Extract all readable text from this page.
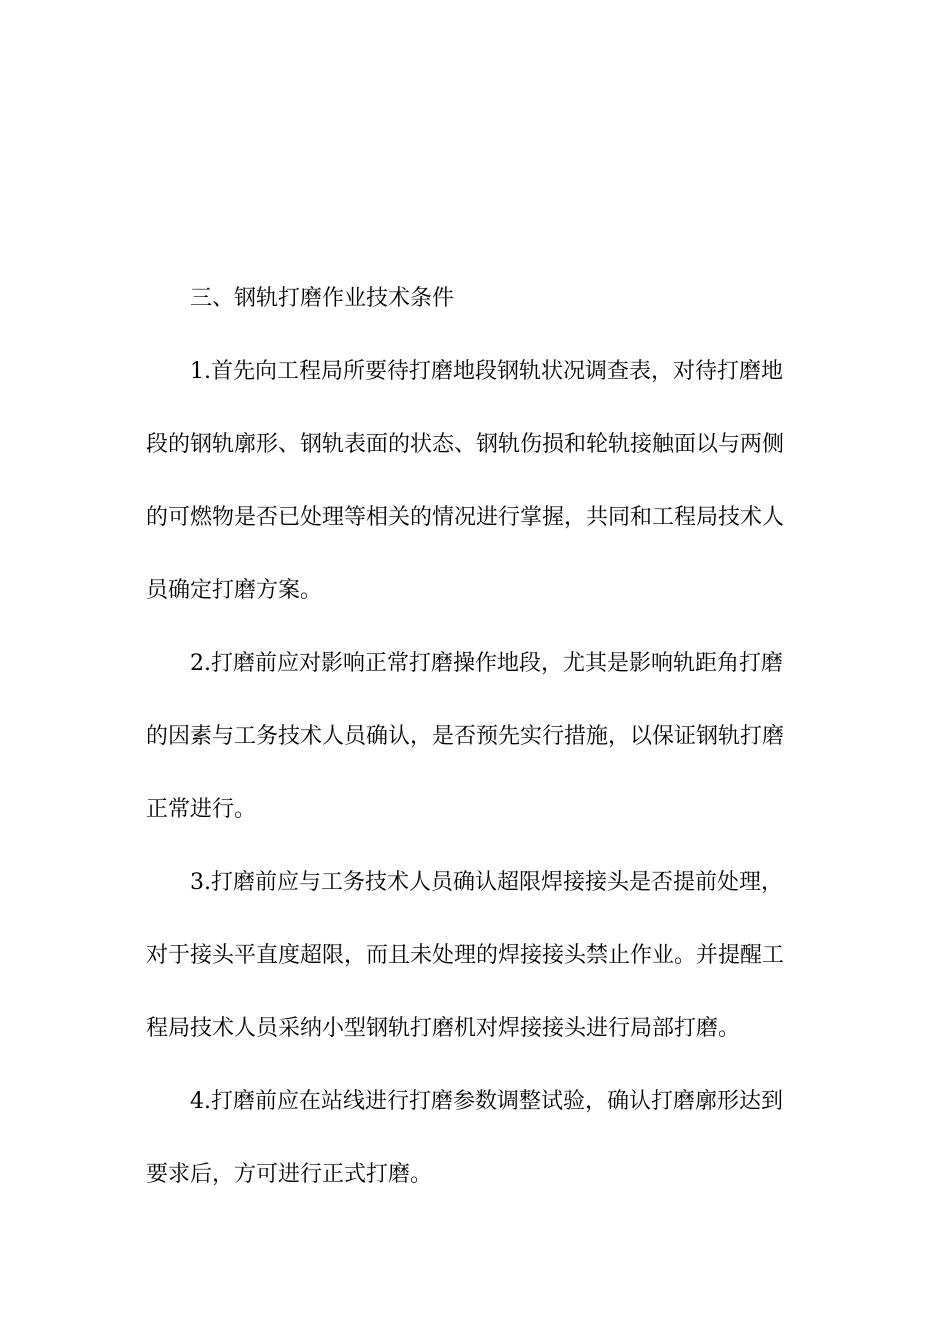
三、钢轨打磨作业技术条件
1.首先向工程局所要待打磨地段钢轨状况调查表，对待打磨地
段的钢轨廓形、钢轨表面的状态、钢轨伤损和轮轨接触面以与两侧
的可燃物是否已处理等相关的情况进行掌握，共同和工程局技术人
员确定打磨方案。
2.打磨前应对影响正常打磨操作地段，尤其是影响轨距角打磨
的因素与工务技术人员确认，是否预先实行措施，以保证钢轨打磨
正常进行。
3.打磨前应与工务技术人员确认超限焊接接头是否提前处理，
对于接头平直度超限，而且未处理的焊接接头禁止作业。并提醒工
程局技术人员采纳小型钢轨打磨机对焊接接头进行局部打磨。
4.打磨前应在站线进行打磨参数调整试验，确认打磨廓形达到
要求后，方可进行正式打磨。
